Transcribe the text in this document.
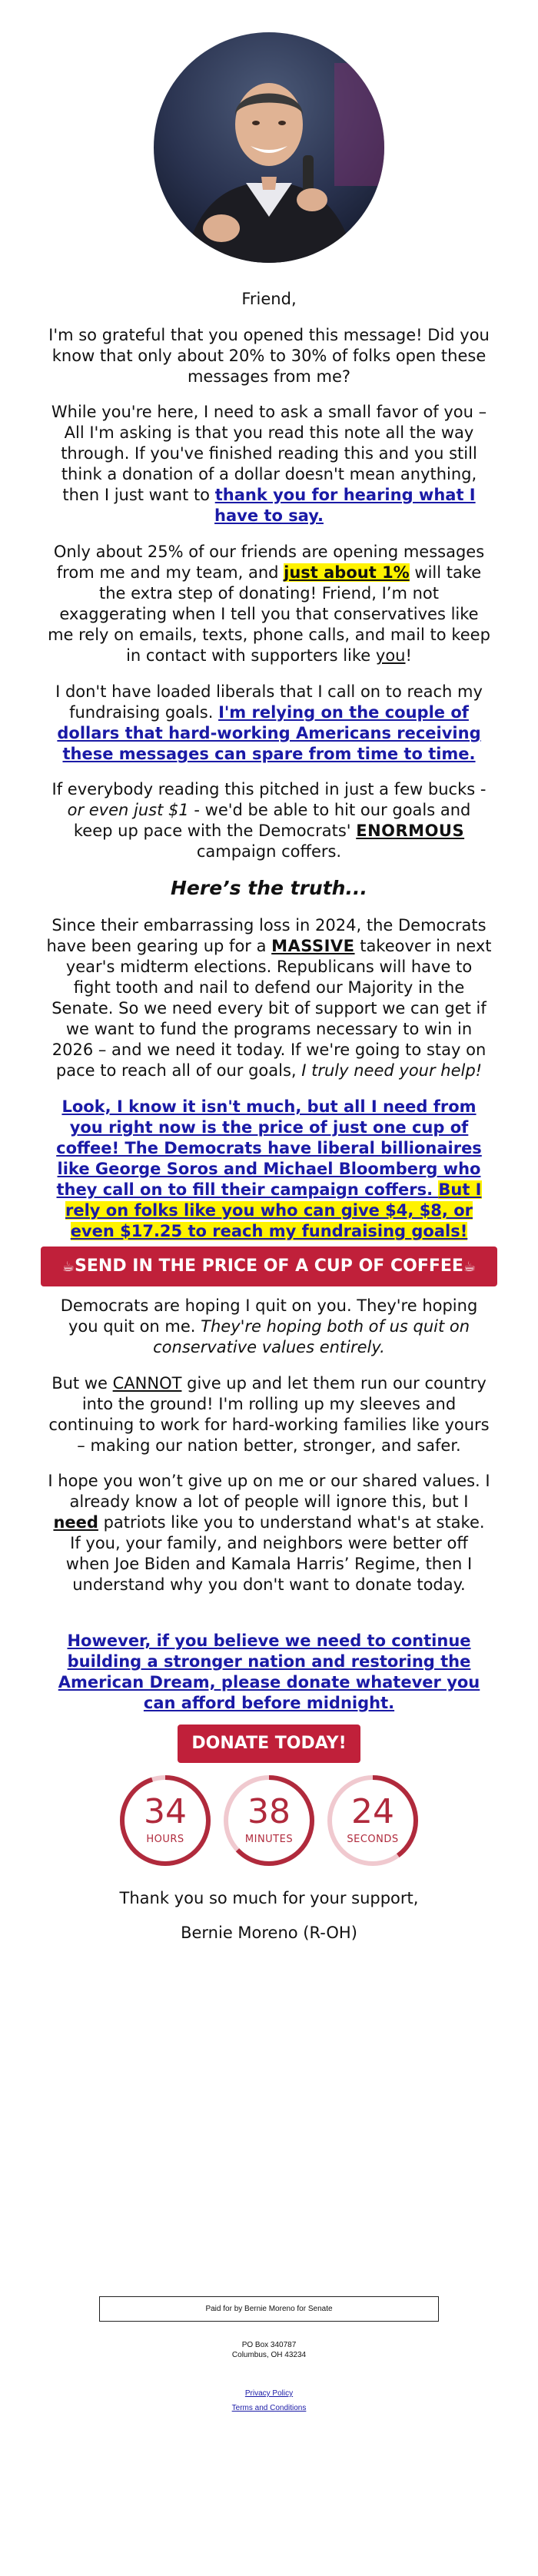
Friend,

I'm so grateful that you opened this message! Did you know that only about 20% to 30% of folks open these messages from me?

While you're here, I need to ask a small favor of you – All I'm asking is that you read this note all the way through. If you've finished reading this and you still think a donation of a dollar doesn't mean anything, then I just want to thank you for hearing what I have to say.

Only about 25% of our friends are opening messages from me and my team, and just about 1% will take the extra step of donating! Friend, I’m not exaggerating when I tell you that conservatives like me rely on emails, texts, phone calls, and mail to keep in contact with supporters like you!

I don't have loaded liberals that I call on to reach my fundraising goals. I'm relying on the couple of dollars that hard-working Americans receiving these messages can spare from time to time.

If everybody reading this pitched in just a few bucks - or even just $1 - we'd be able to hit our goals and keep up pace with the Democrats' ENORMOUS campaign coffers.

Here’s the truth...

Since their embarrassing loss in 2024, the Democrats have been gearing up for a MASSIVE takeover in next year's midterm elections. Republicans will have to fight tooth and nail to defend our Majority in the Senate. So we need every bit of support we can get if we want to fund the programs necessary to win in 2026 – and we need it today. If we're going to stay on pace to reach all of our goals, I truly need your help!

Look, I know it isn't much, but all I need from you right now is the price of just one cup of coffee! The Democrats have liberal billionaires like George Soros and Michael Bloomberg who they call on to fill their campaign coffers. But I rely on folks like you who can give $4, $8, or even $17.25 to reach my fundraising goals!

☕SEND IN THE PRICE OF A CUP OF COFFEE☕

Democrats are hoping I quit on you. They're hoping you quit on me. They're hoping both of us quit on conservative values entirely.

But we CANNOT give up and let them run our country into the ground! I'm rolling up my sleeves and continuing to work for hard-working families like yours – making our nation better, stronger, and safer.

I hope you won’t give up on me or our shared values. I already know a lot of people will ignore this, but I need patriots like you to understand what's at stake. If you, your family, and neighbors were better off when Joe Biden and Kamala Harris’ Regime, then I understand why you don't want to donate today.

However, if you believe we need to continue building a stronger nation and restoring the American Dream, please donate whatever you can afford before midnight.

DONATE TODAY!
34
HOURS
38
MINUTES
24
SECONDS

Thank you so much for your support,

Bernie Moreno (R-OH)

Paid for by Bernie Moreno for Senate
PO Box 340787
Columbus, OH 43234
Privacy Policy
Terms and Conditions
